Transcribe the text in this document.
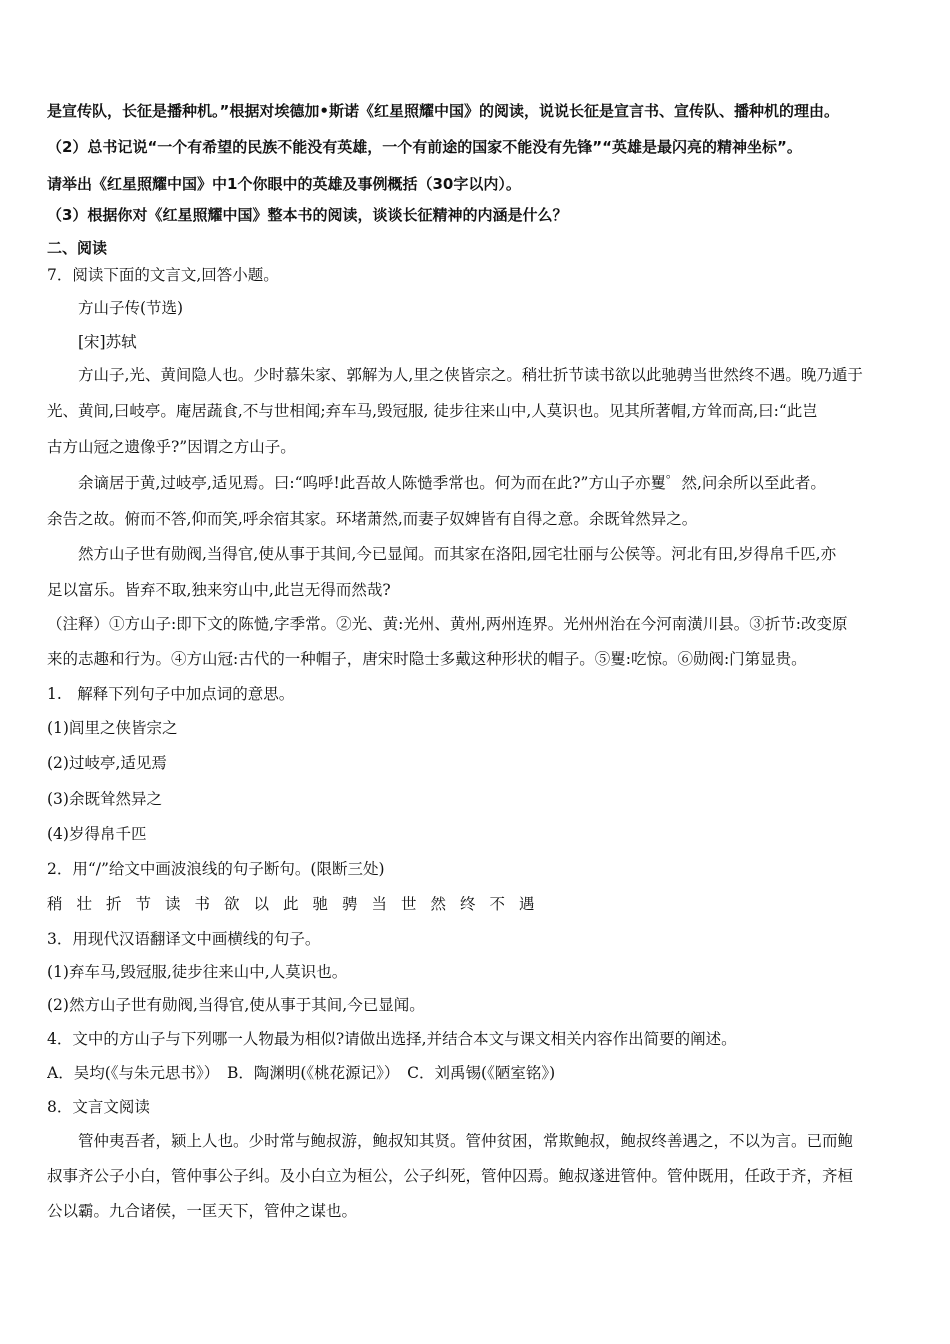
是宣传队，长征是播种机。”根据对埃德加•斯诺《红星照耀中国》的阅读，说说长征是宣言书、宣传队、播种机的理由。
（2）总书记说“一个有希望的民族不能没有英雄，一个有前途的国家不能没有先锋”“英雄是最闪亮的精神坐标”。
请举出《红星照耀中国》中1个你眼中的英雄及事例概括（30字以内）。
（3）根据你对《红星照耀中国》整本书的阅读，谈谈长征精神的内涵是什么？
二、阅读
7．阅读下面的文言文,回答小题。
方山子传(节选)
[宋]苏轼
方山子,光、黄间隐人也。少时慕朱家、郭解为人,里之侠皆宗之。稍壮折节读书欲以此驰骋当世然终不遇。晚乃遁于
光、黄间,曰岐亭。庵居蔬食,不与世相闻;弃车马,毁冠服, 徒步往来山中,人莫识也。见其所著帽,方耸而高,曰:“此岂
古方山冠之遗像乎?”因谓之方山子。
余谪居于黄,过岐亭,适见焉。曰:“呜呼!此吾故人陈慥季常也。何为而在此?”方山子亦矍゜然,问余所以至此者。
余告之故。俯而不答,仰而笑,呼余宿其家。环堵萧然,而妻子奴婢皆有自得之意。余既耸然异之。
然方山子世有勋阀,当得官,使从事于其间,今已显闻。而其家在洛阳,园宅壮丽与公侯等。河北有田,岁得帛千匹,亦
足以富乐。皆弃不取,独来穷山中,此岂无得而然哉?
（注释）①方山子:即下文的陈慥,字季常。②光、黄:光州、黄州,两州连界。光州州治在今河南潢川县。③折节:改变原
来的志趣和行为。④方山冠:古代的一种帽子，唐宋时隐士多戴这种形状的帽子。⑤矍:吃惊。⑥勋阀:门第显贵。
1.　解释下列句子中加点词的意思。
(1)闾里之侠皆宗之
(2)过岐亭,适见焉
(3)余既耸然异之
(4)岁得帛千匹
2．用“/”给文中画波浪线的句子断句。(限断三处)
稍壮折节读书欲以此驰骋当世然终不遇
3．用现代汉语翻译文中画横线的句子。
(1)弃车马,毁冠服,徒步往来山中,人莫识也。
(2)然方山子世有勋阀,当得官,使从事于其间,今已显闻。
4．文中的方山子与下列哪一人物最为相似?请做出选择,并结合本文与课文相关内容作出简要的阐述。
A．吴均(《与朱元思书》）　B．陶渊明(《桃花源记》）　C．刘禹锡(《陋室铭》)
8．文言文阅读
管仲夷吾者，颍上人也。少时常与鲍叔游，鲍叔知其贤。管仲贫困，常欺鲍叔，鲍叔终善遇之，不以为言。已而鲍
叔事齐公子小白，管仲事公子纠。及小白立为桓公，公子纠死，管仲囚焉。鲍叔遂进管仲。管仲既用，任政于齐，齐桓
公以霸。九合诸侯，一匡天下，管仲之谋也。
